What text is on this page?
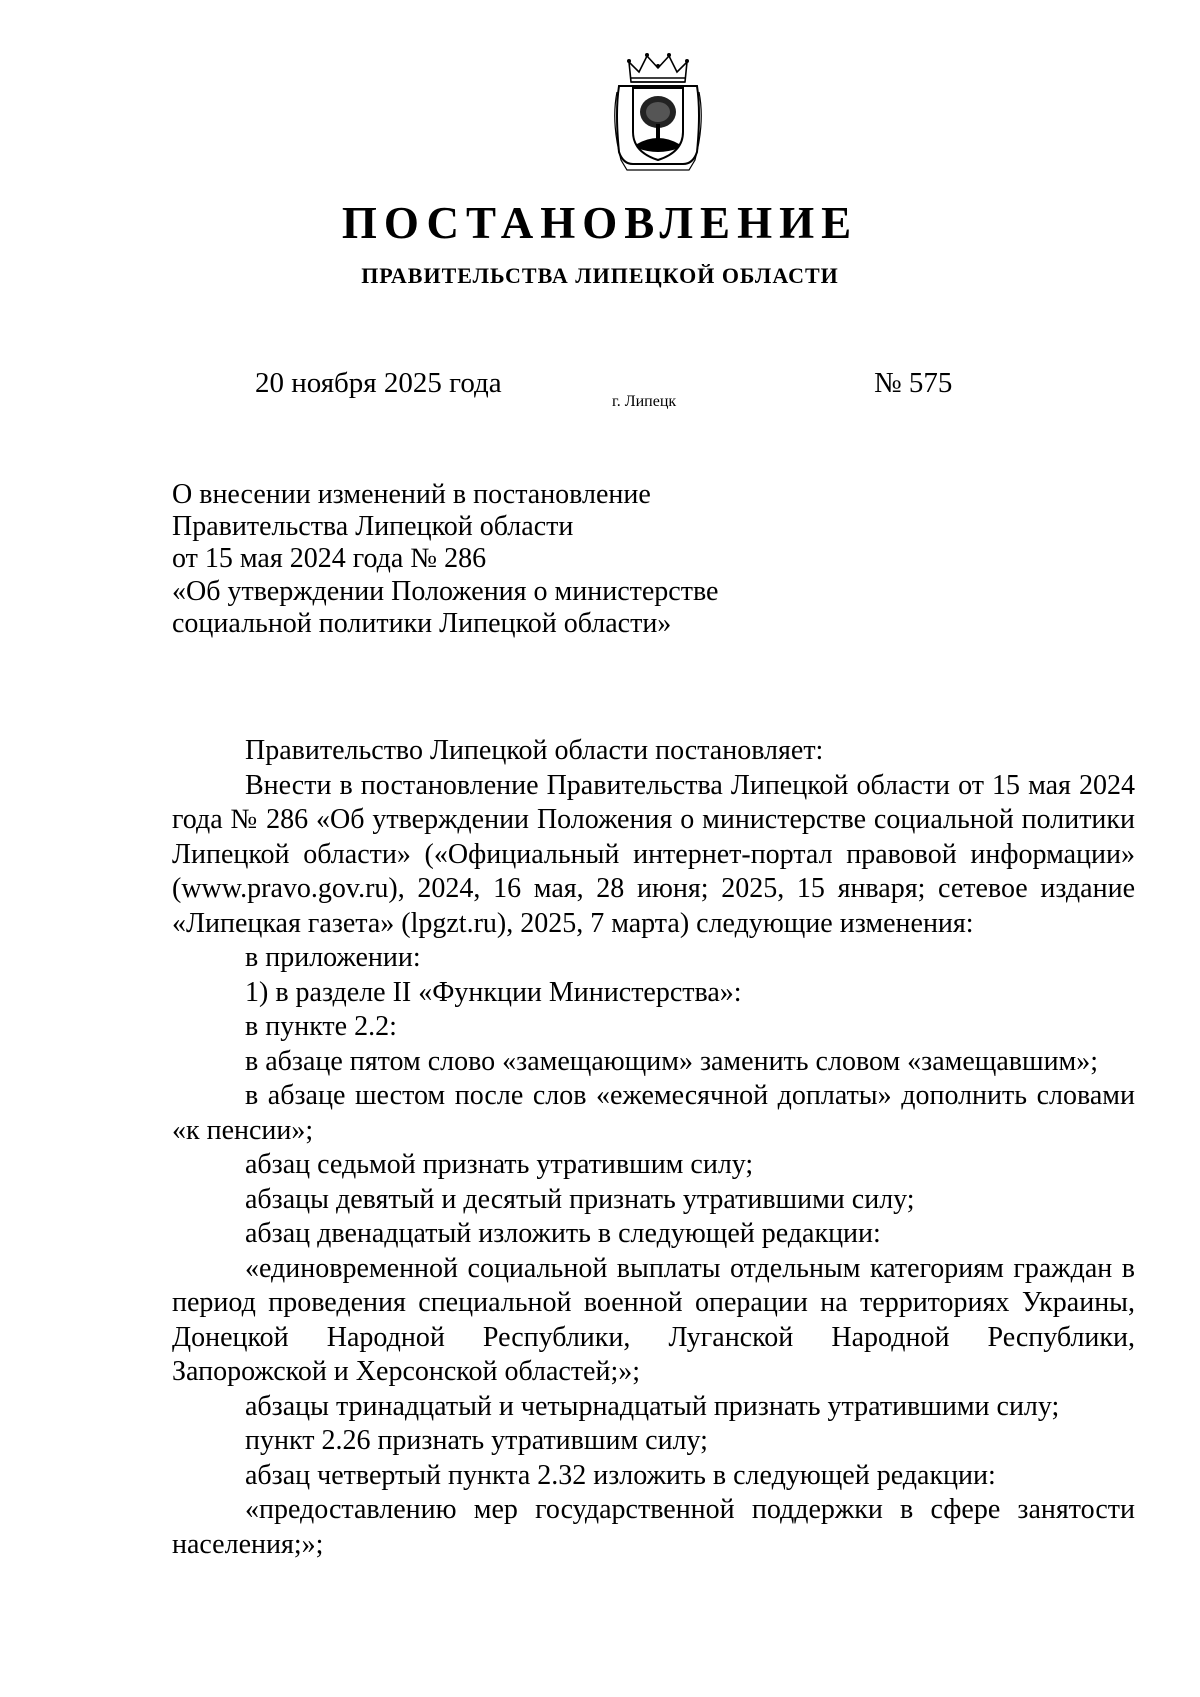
ПОСТАНОВЛЕНИЕ
ПРАВИТЕЛЬСТВА ЛИПЕЦКОЙ ОБЛАСТИ
20 ноября 2025 года
г. Липецк
№ 575
О внесении изменений в постановление
Правительства Липецкой области
от 15 мая 2024 года № 286
«Об утверждении Положения о министерстве
социальной политики Липецкой области»

Правительство Липецкой области постановляет:

Внести в постановление Правительства Липецкой области от 15 мая 2024 года № 286 «Об утверждении Положения о министерстве социальной политики Липецкой области» («Официальный интернет-портал правовой информации» (www.pravo.gov.ru), 2024, 16 мая, 28 июня; 2025, 15 января; сетевое издание «Липецкая газета» (lpgzt.ru), 2025, 7 марта) следующие изменения:

в приложении:

1) в разделе II «Функции Министерства»:

в пункте 2.2:

в абзаце пятом слово «замещающим» заменить словом «замещавшим»;

в абзаце шестом после слов «ежемесячной доплаты» дополнить словами «к пенсии»;

абзац седьмой признать утратившим силу;

абзацы девятый и десятый признать утратившими силу;

абзац двенадцатый изложить в следующей редакции:

«единовременной социальной выплаты отдельным категориям граждан в период проведения специальной военной операции на территориях Украины, Донецкой Народной Республики, Луганской Народной Республики, Запорожской и Херсонской областей;»;

абзацы тринадцатый и четырнадцатый признать утратившими силу;

пункт 2.26 признать утратившим силу;

абзац четвертый пункта 2.32 изложить в следующей редакции:

«предоставлению мер государственной поддержки в сфере занятости населения;»;
